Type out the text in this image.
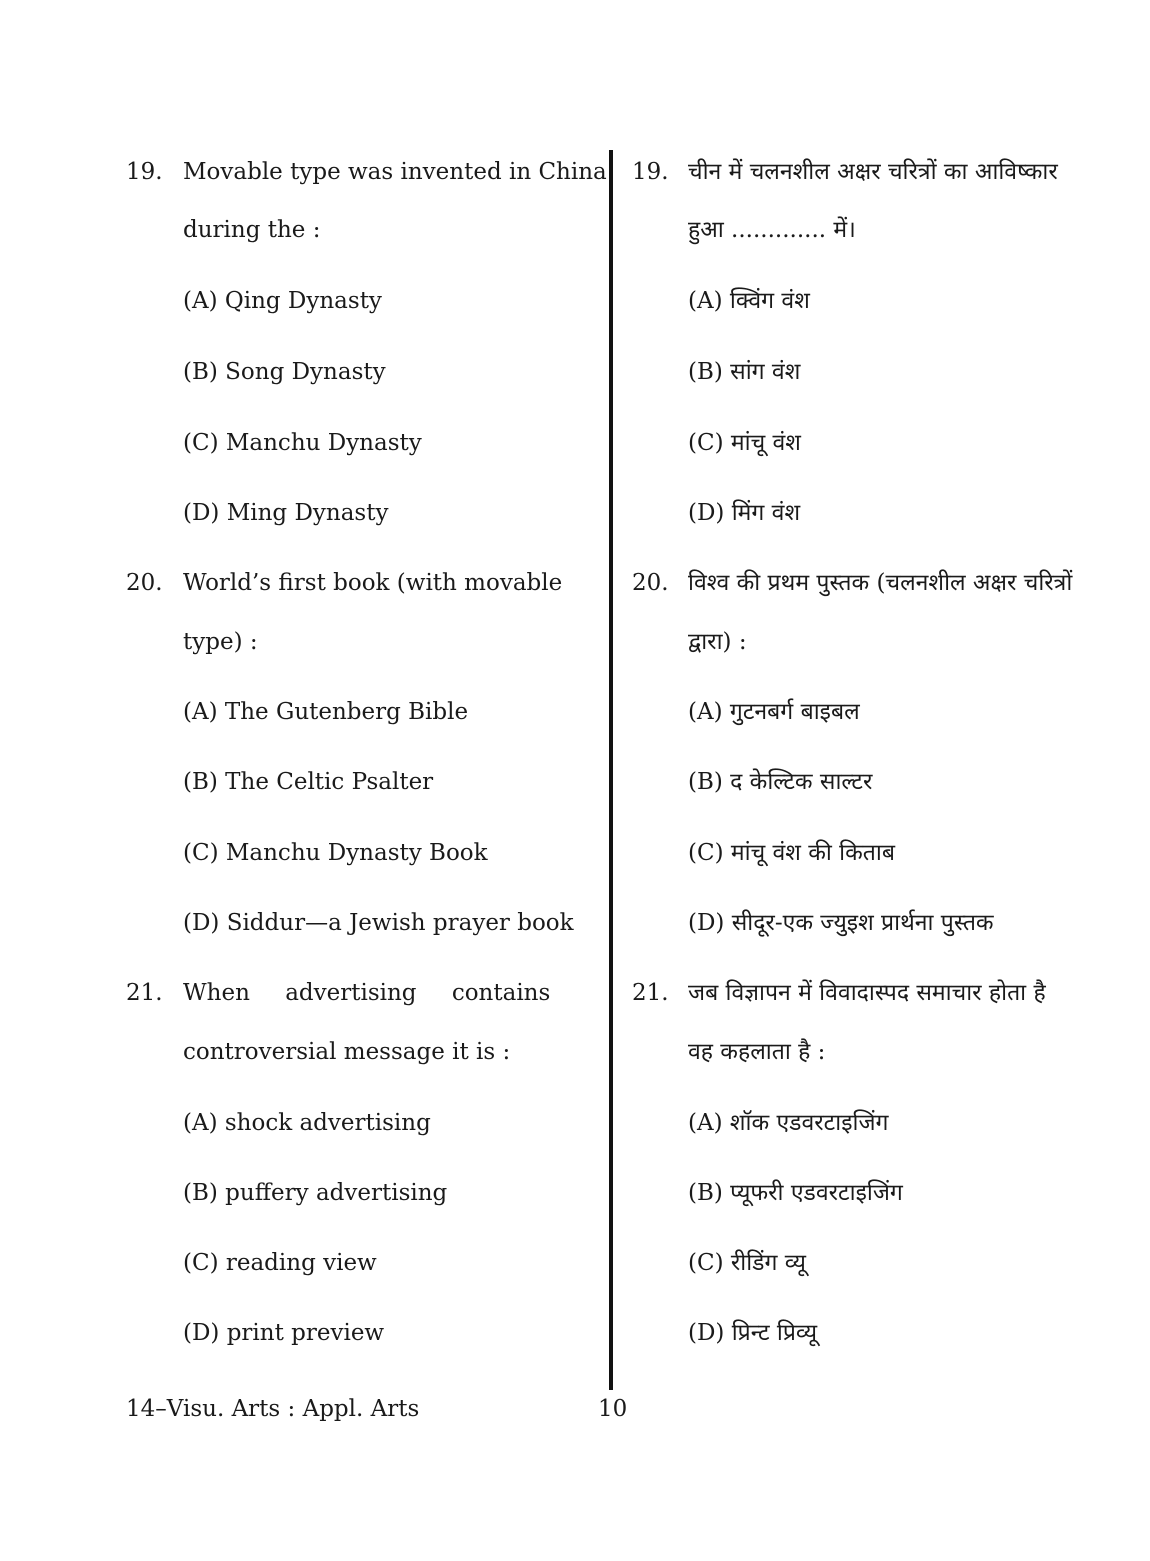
19. Movable type was invented in China
during the :
(A) Qing Dynasty
(B) Song Dynasty
(C) Manchu Dynasty
(D) Ming Dynasty
20. World’s first book (with movable
type) :
(A) The Gutenberg Bible
(B) The Celtic Psalter
(C) Manchu Dynasty Book
(D) Siddur—a Jewish prayer book
21. When advertising contains
controversial message it is :
(A) shock advertising
(B) puffery advertising
(C) reading view
(D) print preview
19. चीन में चलनशील अक्षर चरित्रों का आविष्कार
हुआ ............. में।
(A) क्विंग वंश
(B) सांग वंश
(C) मांचू वंश
(D) मिंग वंश
20. विश्व की प्रथम पुस्तक (चलनशील अक्षर चरित्रों
द्वारा) :
(A) गुटनबर्ग बाइबल
(B) द केल्टिक साल्टर
(C) मांचू वंश की किताब
(D) सीदूर-एक ज्युइश प्रार्थना पुस्तक
21. जब विज्ञापन में विवादास्पद समाचार होता है
वह कहलाता है :
(A) शॉक एडवरटाइजिंग
(B) प्यूफरी एडवरटाइजिंग
(C) रीडिंग व्यू
(D) प्रिन्ट प्रिव्यू
14–Visu. Arts : Appl. Arts	10
